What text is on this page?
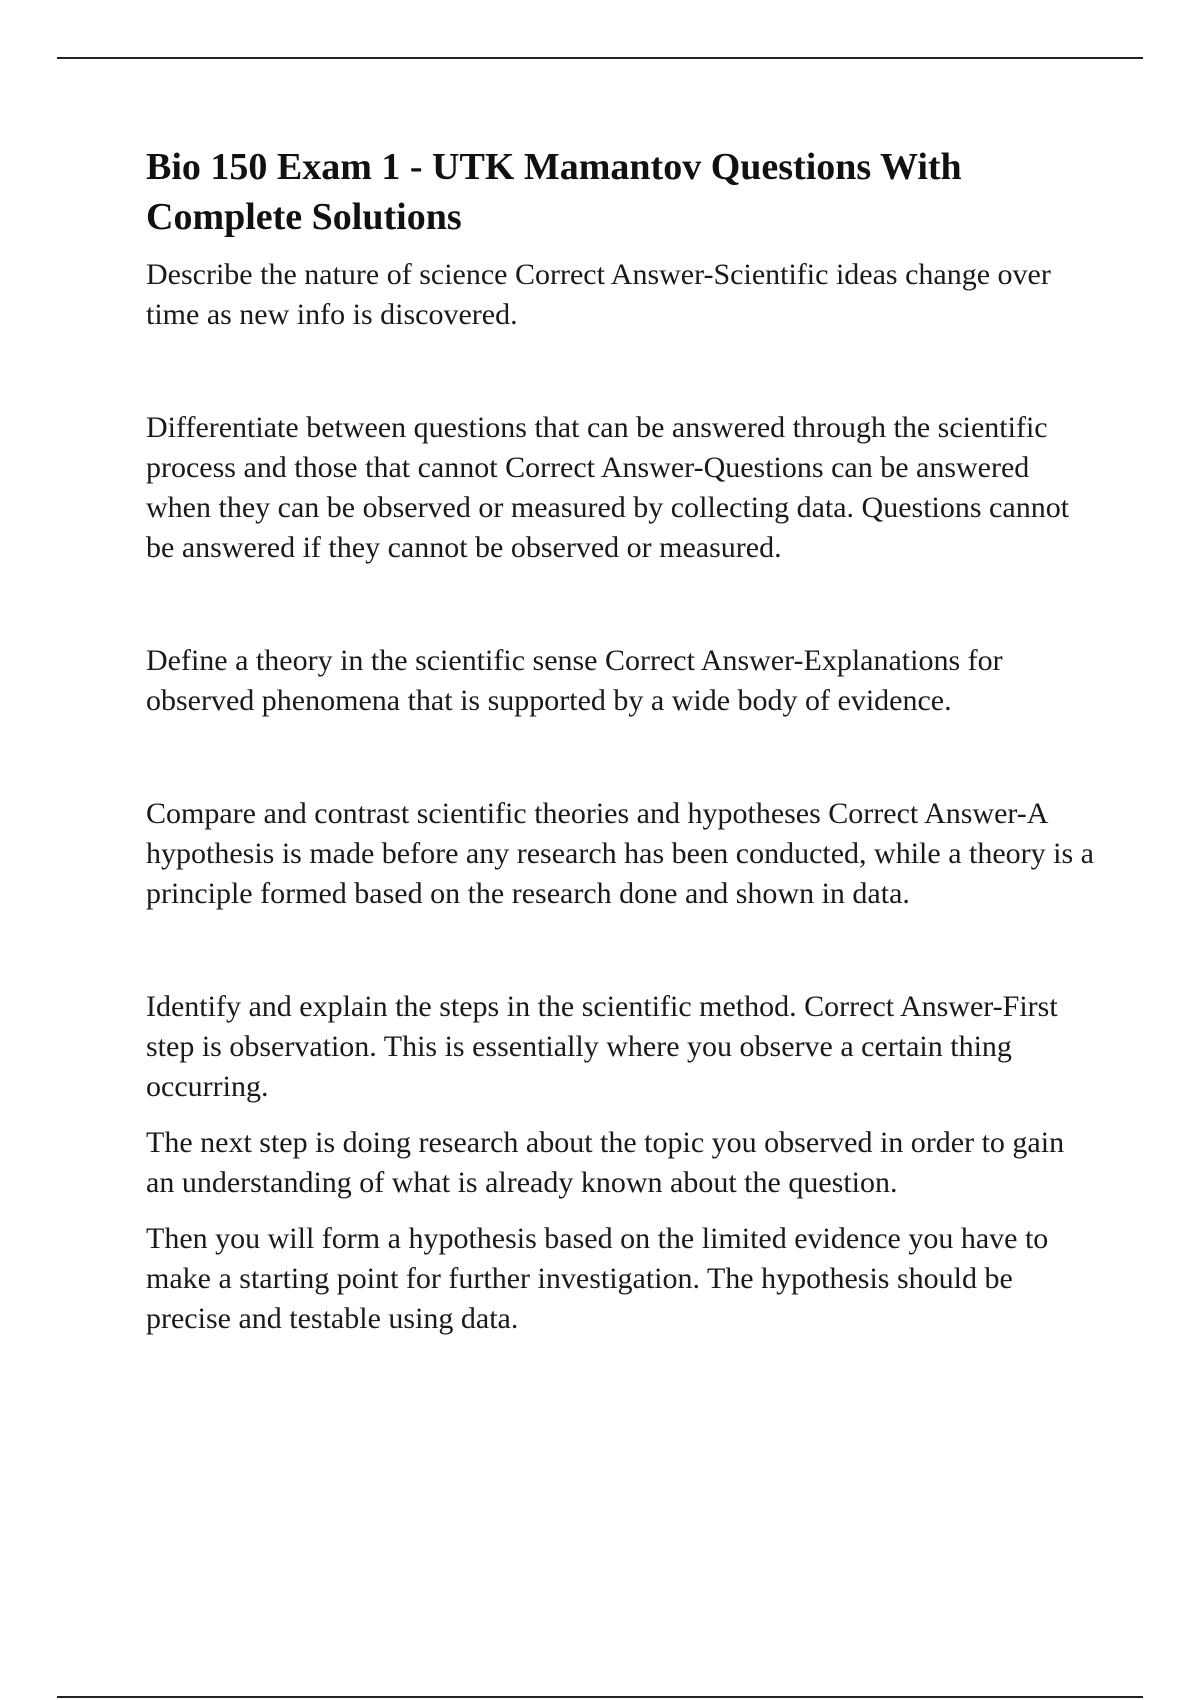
Bio 150 Exam 1 - UTK Mamantov Questions With Complete Solutions

Describe the nature of science Correct Answer-Scientific ideas change over time as new info is discovered.

Differentiate between questions that can be answered through the scientific process and those that cannot Correct Answer-Questions can be answered when they can be observed or measured by collecting data. Questions cannot be answered if they cannot be observed or measured.

Define a theory in the scientific sense Correct Answer-Explanations for observed phenomena that is supported by a wide body of evidence.

Compare and contrast scientific theories and hypotheses Correct Answer-A hypothesis is made before any research has been conducted, while a theory is a principle formed based on the research done and shown in data.

Identify and explain the steps in the scientific method. Correct Answer-First step is observation. This is essentially where you observe a certain thing occurring.

The next step is doing research about the topic you observed in order to gain an understanding of what is already known about the question.

Then you will form a hypothesis based on the limited evidence you have to make a starting point for further investigation. The hypothesis should be precise and testable using data.
